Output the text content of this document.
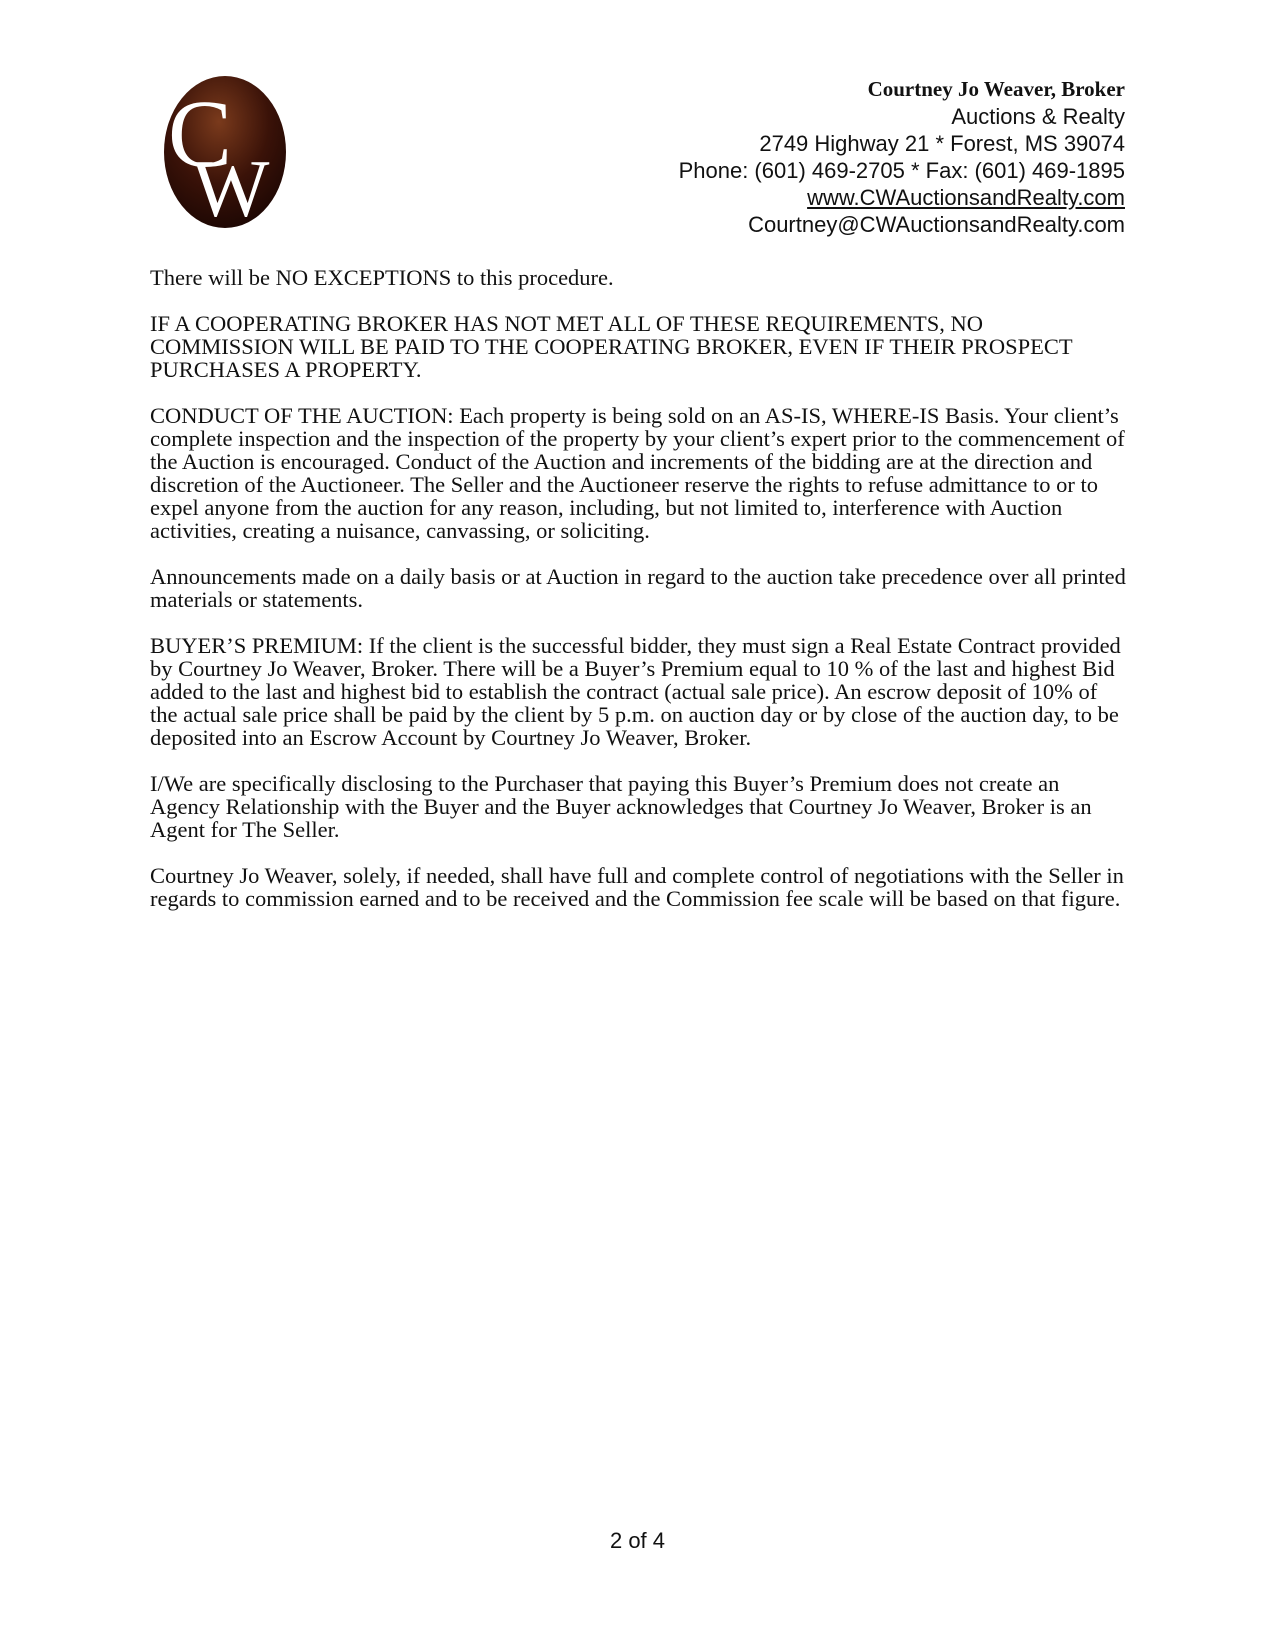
C
W
Courtney Jo Weaver, Broker
Auctions & Realty
2749 Highway 21 * Forest, MS 39074
Phone: (601) 469-2705 * Fax: (601) 469-1895
www.CWAuctionsandRealty.com
Courtney@CWAuctionsandRealty.com

There will be NO EXCEPTIONS to this procedure.

IF A COOPERATING BROKER HAS NOT MET ALL OF THESE REQUIREMENTS, NO COMMISSION WILL BE PAID TO THE COOPERATING BROKER, EVEN IF THEIR PROSPECT PURCHASES A PROPERTY.

CONDUCT OF THE AUCTION: Each property is being sold on an AS-IS, WHERE-IS Basis. Your client’s complete inspection and the inspection of the property by your client’s expert prior to the commencement of the Auction is encouraged. Conduct of the Auction and increments of the bidding are at the direction and discretion of the Auctioneer. The Seller and the Auctioneer reserve the rights to refuse admittance to or to expel anyone from the auction for any reason, including, but not limited to, interference with Auction activities, creating a nuisance, canvassing, or soliciting.

Announcements made on a daily basis or at Auction in regard to the auction take precedence over all printed materials or statements.

BUYER’S PREMIUM: If the client is the successful bidder, they must sign a Real Estate Contract provided by Courtney Jo Weaver, Broker. There will be a Buyer’s Premium equal to 10 % of the last and highest Bid added to the last and highest bid to establish the contract (actual sale price). An escrow deposit of 10% of the actual sale price shall be paid by the client by 5 p.m. on auction day or by close of the auction day, to be deposited into an Escrow Account by Courtney Jo Weaver, Broker.

I/We are specifically disclosing to the Purchaser that paying this Buyer’s Premium does not create an Agency Relationship with the Buyer and the Buyer acknowledges that Courtney Jo Weaver, Broker is an Agent for The Seller.

Courtney Jo Weaver, solely, if needed, shall have full and complete control of negotiations with the Seller in regards to commission earned and to be received and the Commission fee scale will be based on that figure.

2 of 4
